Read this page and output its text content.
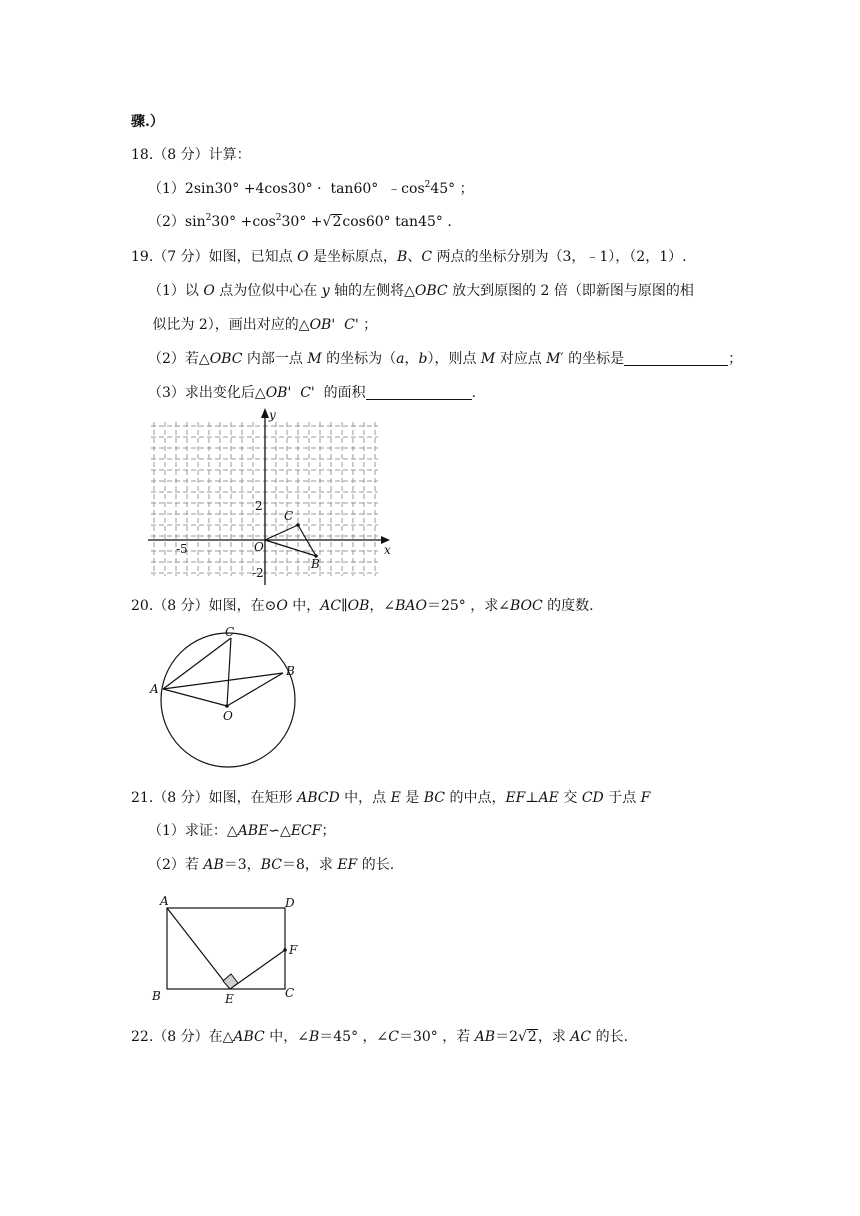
骤.）
18.（8 分）计算：
（1）2sin30° +4cos30° ·  tan60°  $﹣\cos^245^\circ$ ；
$(2)\sin^230^\circ +\cos^230^\circ +√2\cos 60^\circ$ tan45° .
19.（7 分）如图，已知点 O 是坐标原点，B、C 两点的坐标分别为（3，﹣1），（2，1）.
（1）以 O 点为位似中心在 y 轴的左侧将△OBC 放大到原图的 2 倍（即新图与原图的相
似比为 2），画出对应的△OB'  C' ；
（2）若△OBC 内部一点 M 的坐标为（a，b），则点 M 对应点 M′ 的坐标是	；
（3）求出变化后△OB'  C'  的面积	.
y
x
2
-5	O
-2
C
B
20.（8 分）如图，在⊙O 中，AC∥OB，∠BAO＝25° ，求∠BOC 的度数.
C
B
A
O
21.（8 分）如图，在矩形 ABCD 中，点 E 是 BC 的中点，EF⊥AE 交 CD 于点 F
（1）求证：△ABE∽△ECF；
（2）若 AB＝3，BC＝8，求 EF 的长.
A	D
F
B	E	C
22.（8 分）在△ABC 中，∠B＝45° ，∠C＝30° ，若 AB＝2√2，求 AC 的长.
